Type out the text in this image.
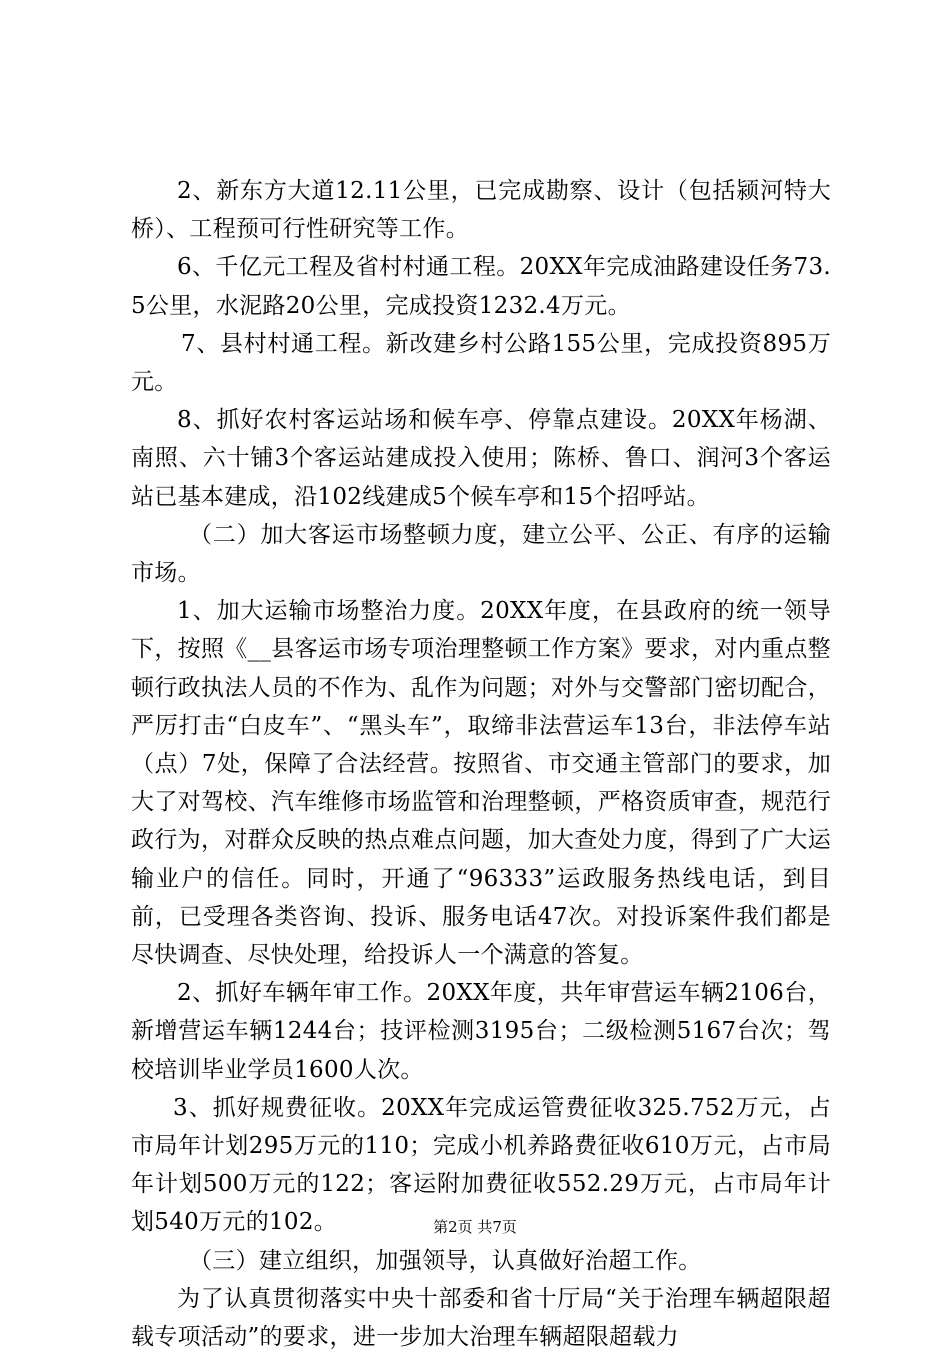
2、新东方大道12.11公里，已完成勘察、设计（包括颍河特大桥）、工程预可行性研究等工作。

6、千亿元工程及省村村通工程。20XX年完成油路建设任务73.5公里，水泥路20公里，完成投资1232.4万元。

7、县村村通工程。新改建乡村公路155公里，完成投资895万元。

8、抓好农村客运站场和候车亭、停靠点建设。20XX年杨湖、南照、六十铺3个客运站建成投入使用；陈桥、鲁口、润河3个客运站已基本建成，沿102线建成5个候车亭和15个招呼站。

（二）加大客运市场整顿力度，建立公平、公正、有序的运输市场。

1、加大运输市场整治力度。20XX年度，在县政府的统一领导下，按照《__县客运市场专项治理整顿工作方案》要求，对内重点整顿行政执法人员的不作为、乱作为问题；对外与交警部门密切配合，严厉打击“白皮车”、“黑头车”，取缔非法营运车13台，非法停车站（点）7处，保障了合法经营。按照省、市交通主管部门的要求，加大了对驾校、汽车维修市场监管和治理整顿，严格资质审查，规范行政行为，对群众反映的热点难点问题，加大查处力度，得到了广大运输业户的信任。同时，开通了“96333”运政服务热线电话，到目前，已受理各类咨询、投诉、服务电话47次。对投诉案件我们都是尽快调查、尽快处理，给投诉人一个满意的答复。

2、抓好车辆年审工作。20XX年度，共年审营运车辆2106台，新增营运车辆1244台；技评检测3195台；二级检测5167台次；驾校培训毕业学员1600人次。

3、抓好规费征收。20XX年完成运管费征收325.752万元，占市局年计划295万元的110；完成小机养路费征收610万元，占市局年计划500万元的122；客运附加费征收552.29万元，占市局年计划540万元的102。

（三）建立组织，加强领导，认真做好治超工作。

为了认真贯彻落实中央十部委和省十厅局“关于治理车辆超限超载专项活动”的要求，进一步加大治理车辆超限超载力

第2页 共7页
